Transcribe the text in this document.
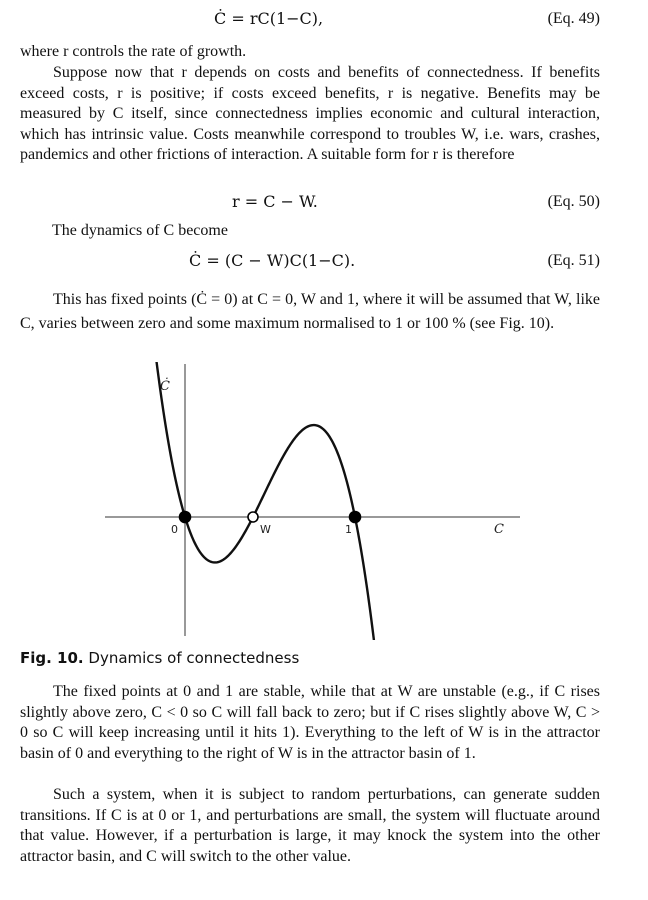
Ċ = rC(1−C),	(Eq. 49)

where r controls the rate of growth.

Suppose now that r depends on costs and benefits of connectedness. If benefits exceed costs, r is positive; if costs exceed benefits, r is negative. Benefits may be measured by C itself, since connectedness implies economic and cultural interaction, which has intrinsic value. Costs meanwhile correspond to troubles W, i.e. wars, crashes, pandemics and other frictions of interaction. A suitable form for r is therefore

r = C − W.	(Eq. 50)
The dynamics of C become
Ċ = (C − W)C(1−C).	(Eq. 51)

This has fixed points (Ċ = 0) at C = 0, W and 1, where it will be assumed that W, like C, varies between zero and some maximum normalised to 1 or 100 % (see Fig. 10).

Ċ
C
0	W	1
Fig. 10. Dynamics of connectedness

The fixed points at 0 and 1 are stable, while that at W are unstable (e.g., if C rises slightly above zero, C < 0 so C will fall back to zero; but if C rises slightly above W, C > 0 so C will keep increasing until it hits 1). Everything to the left of W is in the attractor basin of 0 and everything to the right of W is in the attractor basin of 1.

Such a system, when it is subject to random perturbations, can generate sudden transitions. If C is at 0 or 1, and perturbations are small, the system will fluctuate around that value. However, if a perturbation is large, it may knock the system into the other attractor basin, and C will switch to the other value.
